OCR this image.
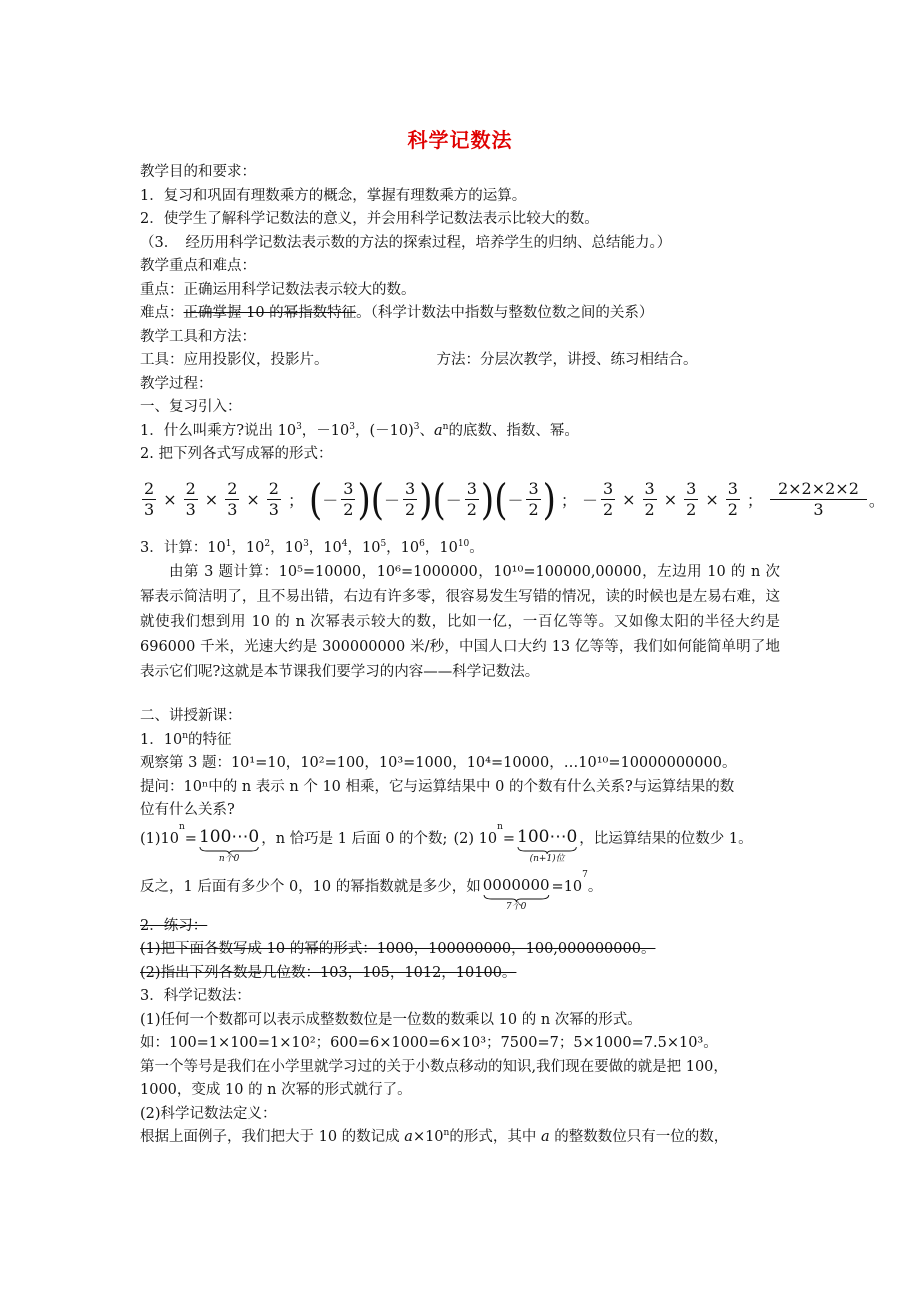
科学记数法
教学目的和要求：
1．复习和巩固有理数乘方的概念，掌握有理数乘方的运算。
2．使学生了解科学记数法的意义，并会用科学记数法表示比较大的数。
（3．　经历用科学记数法表示数的方法的探索过程，培养学生的归纳、总结能力。）
教学重点和难点：
重点：正确运用科学记数法表示较大的数。
难点：正确掌握 10 的幂指数特征。（科学计数法中指数与整数位数之间的关系）
教学工具和方法：
工具：应用投影仪，投影片。	方法：分层次教学，讲授、练习相结合。
教学过程：
一、复习引入：
1．什么叫乘方?说出 $10^3$，$-10^3$，$(-10)^3$、$a^n$的底数、指数、幂。
2. 把下列各式写成幂的形式：
$\frac{2}{3} \times \frac{2}{3} \times \frac{2}{3} \times \frac{2}{3}$ ； ( － $\frac{3}{2}$ ) ( － $\frac{3}{2}$ ) ( － $\frac{3}{2}$ ) ( － $\frac{3}{2}$ ) ； － $\frac{3}{2} \times \frac{3}{2} \times \frac{3}{2} \times \frac{3}{2}$ ； $\frac{2\times 2\times 2\times 2}{3}$ 。
3．计算：$10^1$，$10^2$，$10^3$，$10^4$，$10^5$，$10^6$，$10^{10}$。
由第 3 题计算：10⁵=10000，10⁶=1000000，10¹⁰=100000,00000，左边用 10 的 n 次幂表示简洁明了，且不易出错，右边有许多零，很容易发生写错的情况，读的时候也是左易右难，这就使我们想到用 10 的 n 次幂表示较大的数，比如一亿，一百亿等等。又如像太阳的半径大约是 696000 千米，光速大约是 300000000 米/秒，中国人口大约 13 亿等等，我们如何能简单明了地表示它们呢?这就是本节课我们要学习的内容——科学记数法。
二、讲授新课：
1．10$^n$的特征
观察第 3 题：10¹=10，10²=100，10³=1000，10⁴=10000，…10¹⁰=10000000000。
提问：10ⁿ中的 n 表示 n 个 10 相乘，它与运算结果中 0 的个数有什么关系?与运算结果的数
位有什么关系?
(1)10
n
= 100⋯0
n个0
，n 恰巧是 1 后面 0 的个数; (2) 10
n
= 100⋯0
(n+1)位
，比运算结果的位数少 1。
反之，1 后面有多少个 0，10 的幂指数就是多少，如 0000000
7个0
=10
7
。
2．练习：
(1)把下面各数写成 10 的幂的形式：1000，100000000，100,000000000。
(2)指出下列各数是几位数：103，105，1012，10100。
3．科学记数法：
(1)任何一个数都可以表示成整数数位是一位数的数乘以 10 的 n 次幂的形式。
如：100=1×100=1×10²；600=6×1000=6×10³；7500=7；5×1000=7.5×10³。
第一个等号是我们在小学里就学习过的关于小数点移动的知识,我们现在要做的就是把 100，
1000，变成 10 的 n 次幂的形式就行了。
(2)科学记数法定义：
根据上面例子，我们把大于 10 的数记成 $a\times 10^n$的形式，其中 a 的整数数位只有一位的数，
